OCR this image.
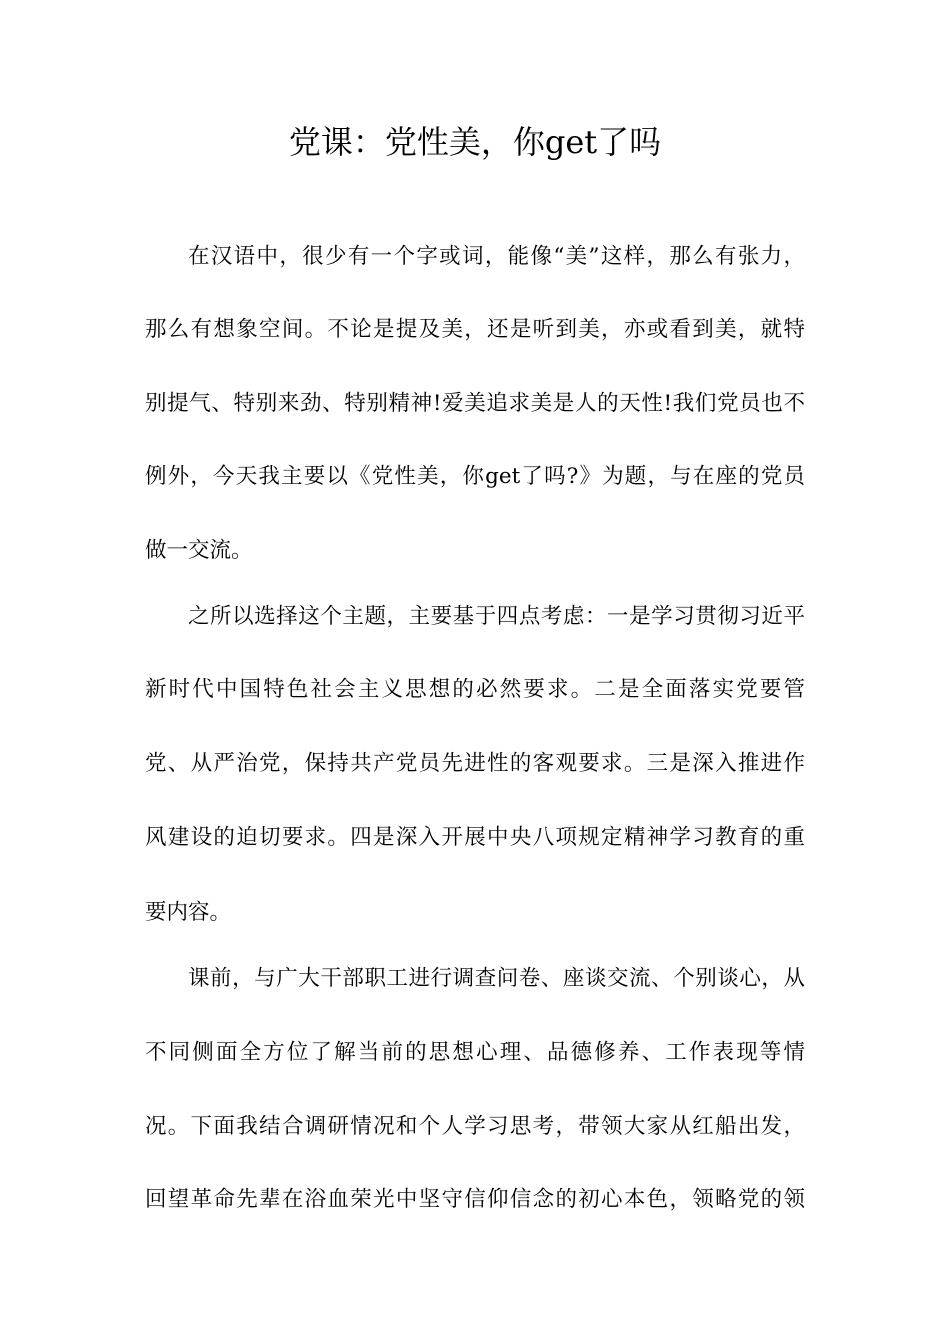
党课：党性美，你get了吗
在汉语中，很少有一个字或词，能像“美”这样，那么有张力，
那么有想象空间。不论是提及美，还是听到美，亦或看到美，就特
别提气、特别来劲、特别精神!爱美追求美是人的天性!我们党员也不
例外，今天我主要以《党性美，你get了吗?》为题，与在座的党员
做一交流。
之所以选择这个主题，主要基于四点考虑：一是学习贯彻习近平
新时代中国特色社会主义思想的必然要求。二是全面落实党要管
党、从严治党，保持共产党员先进性的客观要求。三是深入推进作
风建设的迫切要求。四是深入开展中央八项规定精神学习教育的重
要内容。
课前，与广大干部职工进行调查问卷、座谈交流、个别谈心，从
不同侧面全方位了解当前的思想心理、品德修养、工作表现等情
况。下面我结合调研情况和个人学习思考，带领大家从红船出发，
回望革命先辈在浴血荣光中坚守信仰信念的初心本色，领略党的领
